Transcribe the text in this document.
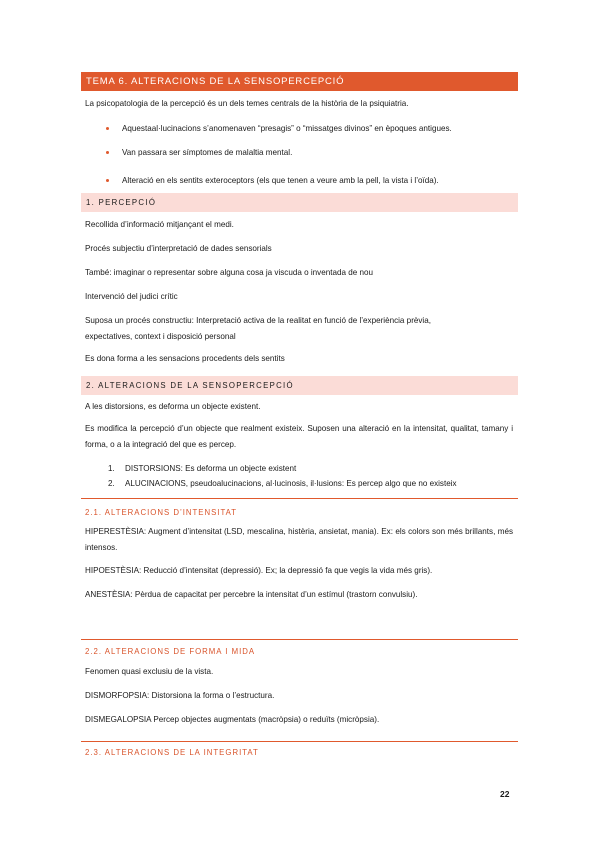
TEMA 6. ALTERACIONS DE LA SENSOPERCEPCIÓ
La psicopatologia de la percepció és un dels temes centrals de la història de la psiquiatria.
Aquestaal·lucinacions s’anomenaven “presagis” o “missatges divinos” en èpoques antigues.
Van passara ser símptomes de malaltia mental.
Alteració en els sentits exteroceptors (els que tenen a veure amb la pell, la vista i l’oïda).
1. PERCEPCIÓ
Recollida d’informació mitjançant el medi.
Procés subjectiu d’interpretació de dades sensorials
També: imaginar o representar sobre alguna cosa ja viscuda o inventada de nou
Intervenció del judici crític
Suposa un procés constructiu: Interpretació activa de la realitat en funció de l’experiència prèvia,
expectatives, context i disposició personal
Es dona forma a les sensacions procedents dels sentits
2. ALTERACIONS DE LA SENSOPERCEPCIÓ
A les distorsions, es deforma un objecte existent.
Es modifica la percepció d’un objecte que realment existeix. Suposen una alteració en la intensitat, qualitat, tamany i forma, o a la integració del que es percep.
1. DISTORSIONS: Es deforma un objecte existent
2. ALUCINACIONS, pseudoalucinacions, al·lucinosis, il·lusions: Es percep algo que no existeix
2.1. ALTERACIONS D’INTENSITAT
HIPERESTÈSIA: Augment d’intensitat (LSD, mescalina, histèria, ansietat, mania). Ex: els colors son més brillants, més intensos.
HIPOESTÈSIA: Reducció d’intensitat (depressió). Ex; la depressió fa que vegis la vida més gris).
ANESTÈSIA: Pèrdua de capacitat per percebre la intensitat d’un estímul (trastorn convulsiu).
2.2. ALTERACIONS DE FORMA I MIDA
Fenomen quasi exclusiu de la vista.
DISMORFOPSIA: Distorsiona la forma o l’estructura.
DISMEGALOPSIA Percep objectes augmentats (macròpsia) o reduïts (micròpsia).
2.3. ALTERACIONS DE LA INTEGRITAT
22
